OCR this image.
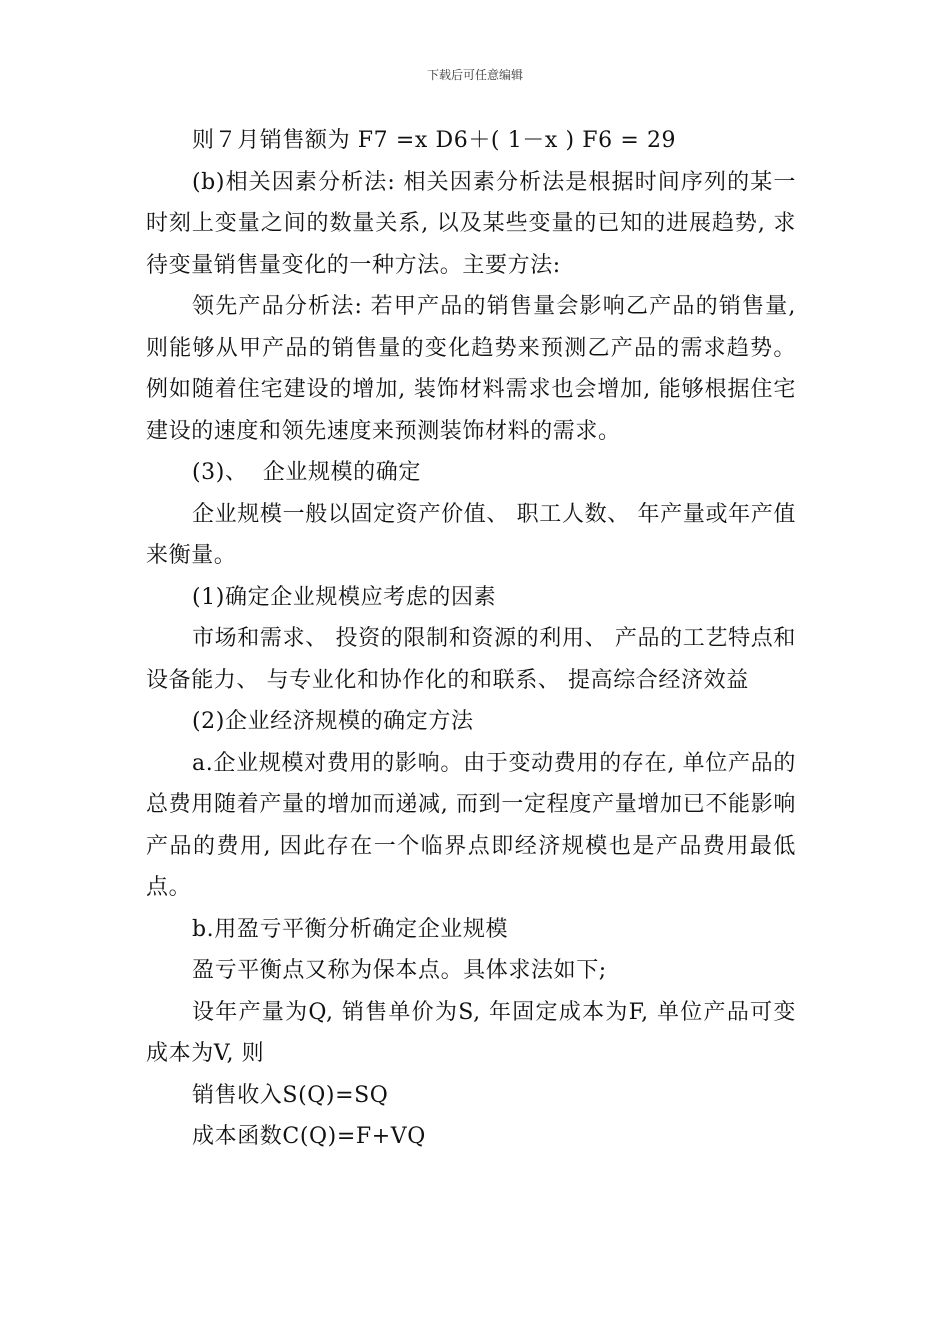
下载后可任意编辑

则７月销售额为 F7 =x D6＋( 1－x ) F6 = 29

(b)相关因素分析法: 相关因素分析法是根据时间序列的某一时刻上变量之间的数量关系, 以及某些变量的已知的进展趋势, 求待变量销售量变化的一种方法。主要方法:

领先产品分析法: 若甲产品的销售量会影响乙产品的销售量, 则能够从甲产品的销售量的变化趋势来预测乙产品的需求趋势。例如随着住宅建设的增加, 装饰材料需求也会增加, 能够根据住宅建设的速度和领先速度来预测装饰材料的需求。

(3)、  企业规模的确定

企业规模一般以固定资产价值、 职工人数、 年产量或年产值来衡量。

(1)确定企业规模应考虑的因素

市场和需求、 投资的限制和资源的利用、 产品的工艺特点和设备能力、 与专业化和协作化的和联系、 提高综合经济效益

(2)企业经济规模的确定方法

a.企业规模对费用的影响。由于变动费用的存在, 单位产品的总费用随着产量的增加而递减, 而到一定程度产量增加已不能影响产品的费用, 因此存在一个临界点即经济规模也是产品费用最低点。

b.用盈亏平衡分析确定企业规模

盈亏平衡点又称为保本点。具体求法如下;

设年产量为Q, 销售单价为S, 年固定成本为F, 单位产品可变成本为V, 则

销售收入S(Q)=SQ

成本函数C(Q)=F+VQ
